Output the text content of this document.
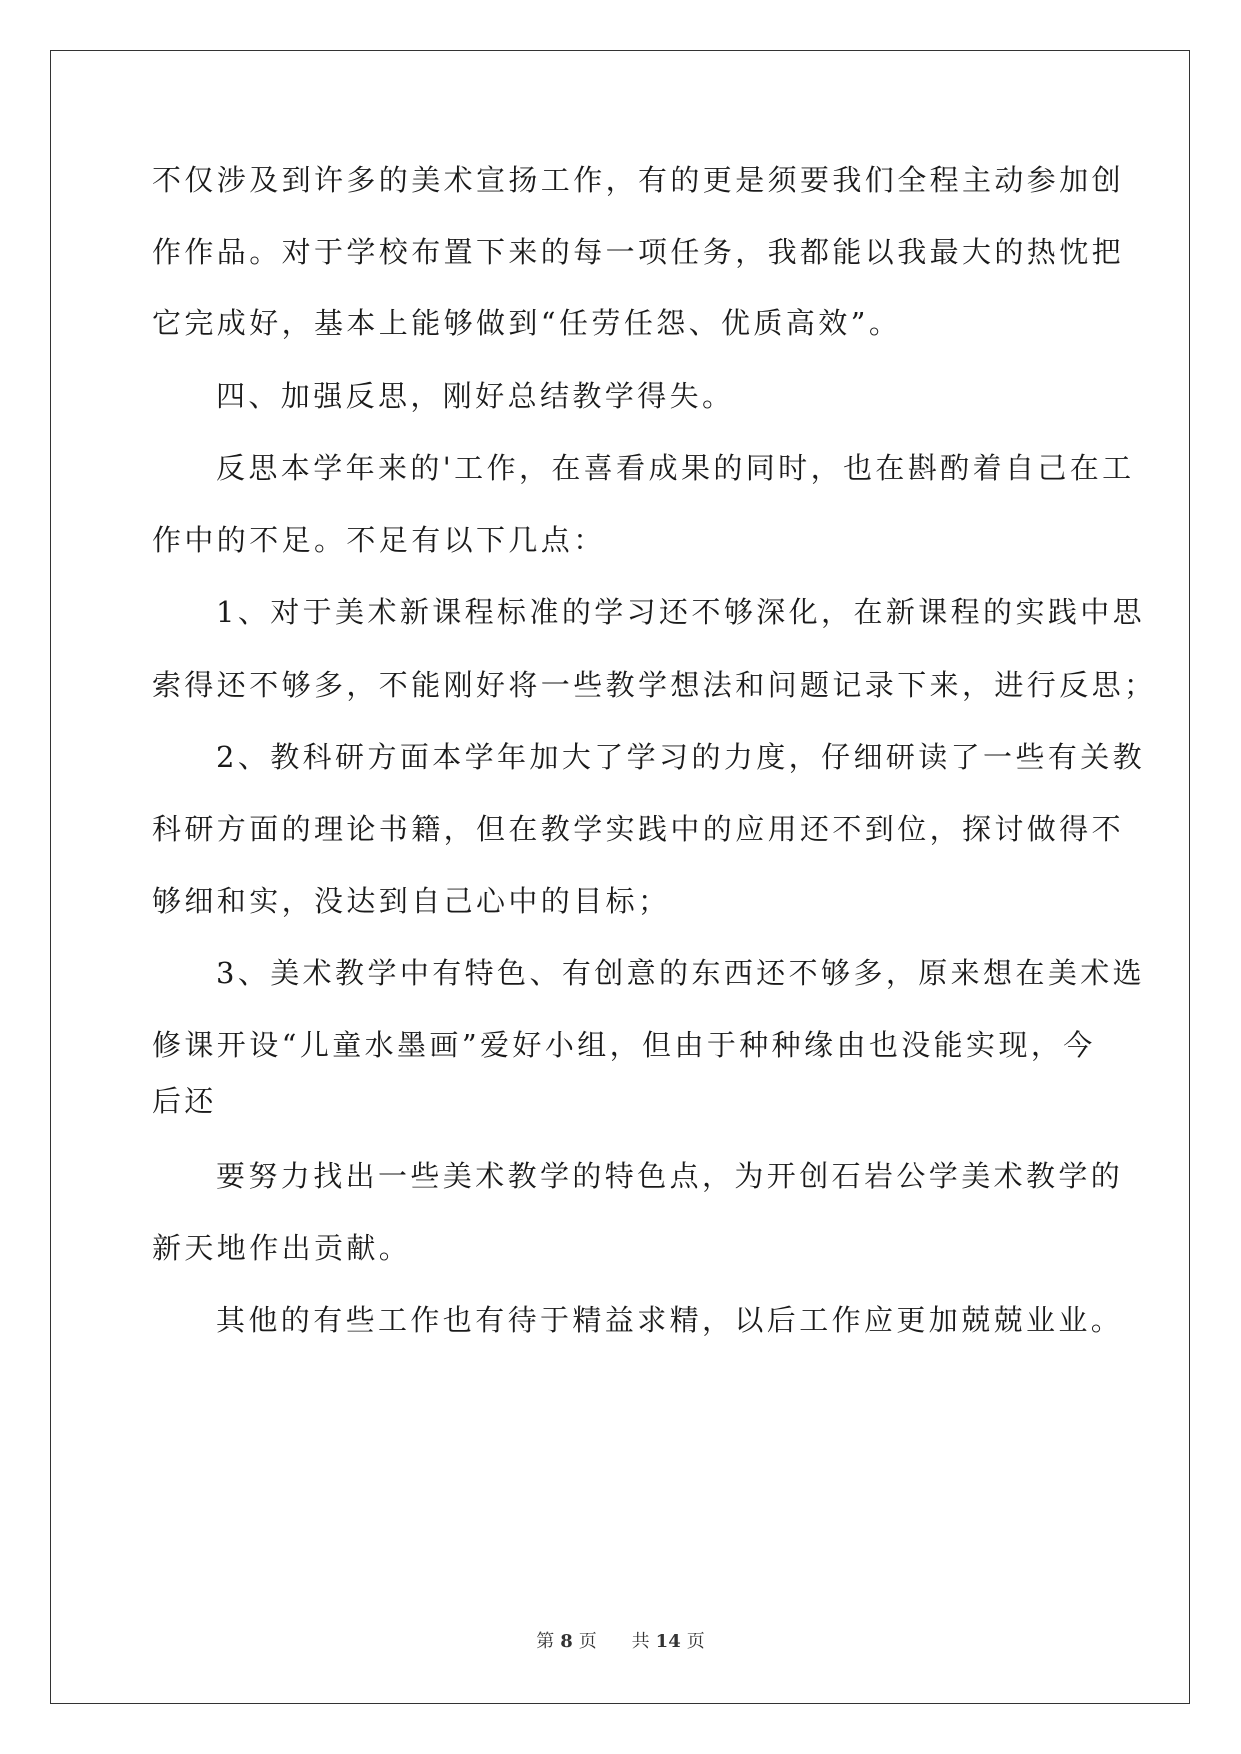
不仅涉及到许多的美术宣扬工作，有的更是须要我们全程主动参加创
作作品。对于学校布置下来的每一项任务，我都能以我最大的热忱把
它完成好，基本上能够做到“任劳任怨、优质高效”。
四、加强反思，刚好总结教学得失。
反思本学年来的'工作，在喜看成果的同时，也在斟酌着自己在工
作中的不足。不足有以下几点：
1、对于美术新课程标准的学习还不够深化，在新课程的实践中思
索得还不够多，不能刚好将一些教学想法和问题记录下来，进行反思；
2、教科研方面本学年加大了学习的力度，仔细研读了一些有关教
科研方面的理论书籍，但在教学实践中的应用还不到位，探讨做得不
够细和实，没达到自己心中的目标；
3、美术教学中有特色、有创意的东西还不够多，原来想在美术选
修课开设“儿童水墨画”爱好小组，但由于种种缘由也没能实现，今
后还
要努力找出一些美术教学的特色点，为开创石岩公学美术教学的
新天地作出贡献。
其他的有些工作也有待于精益求精，以后工作应更加兢兢业业。
第 8 页 共 14 页
